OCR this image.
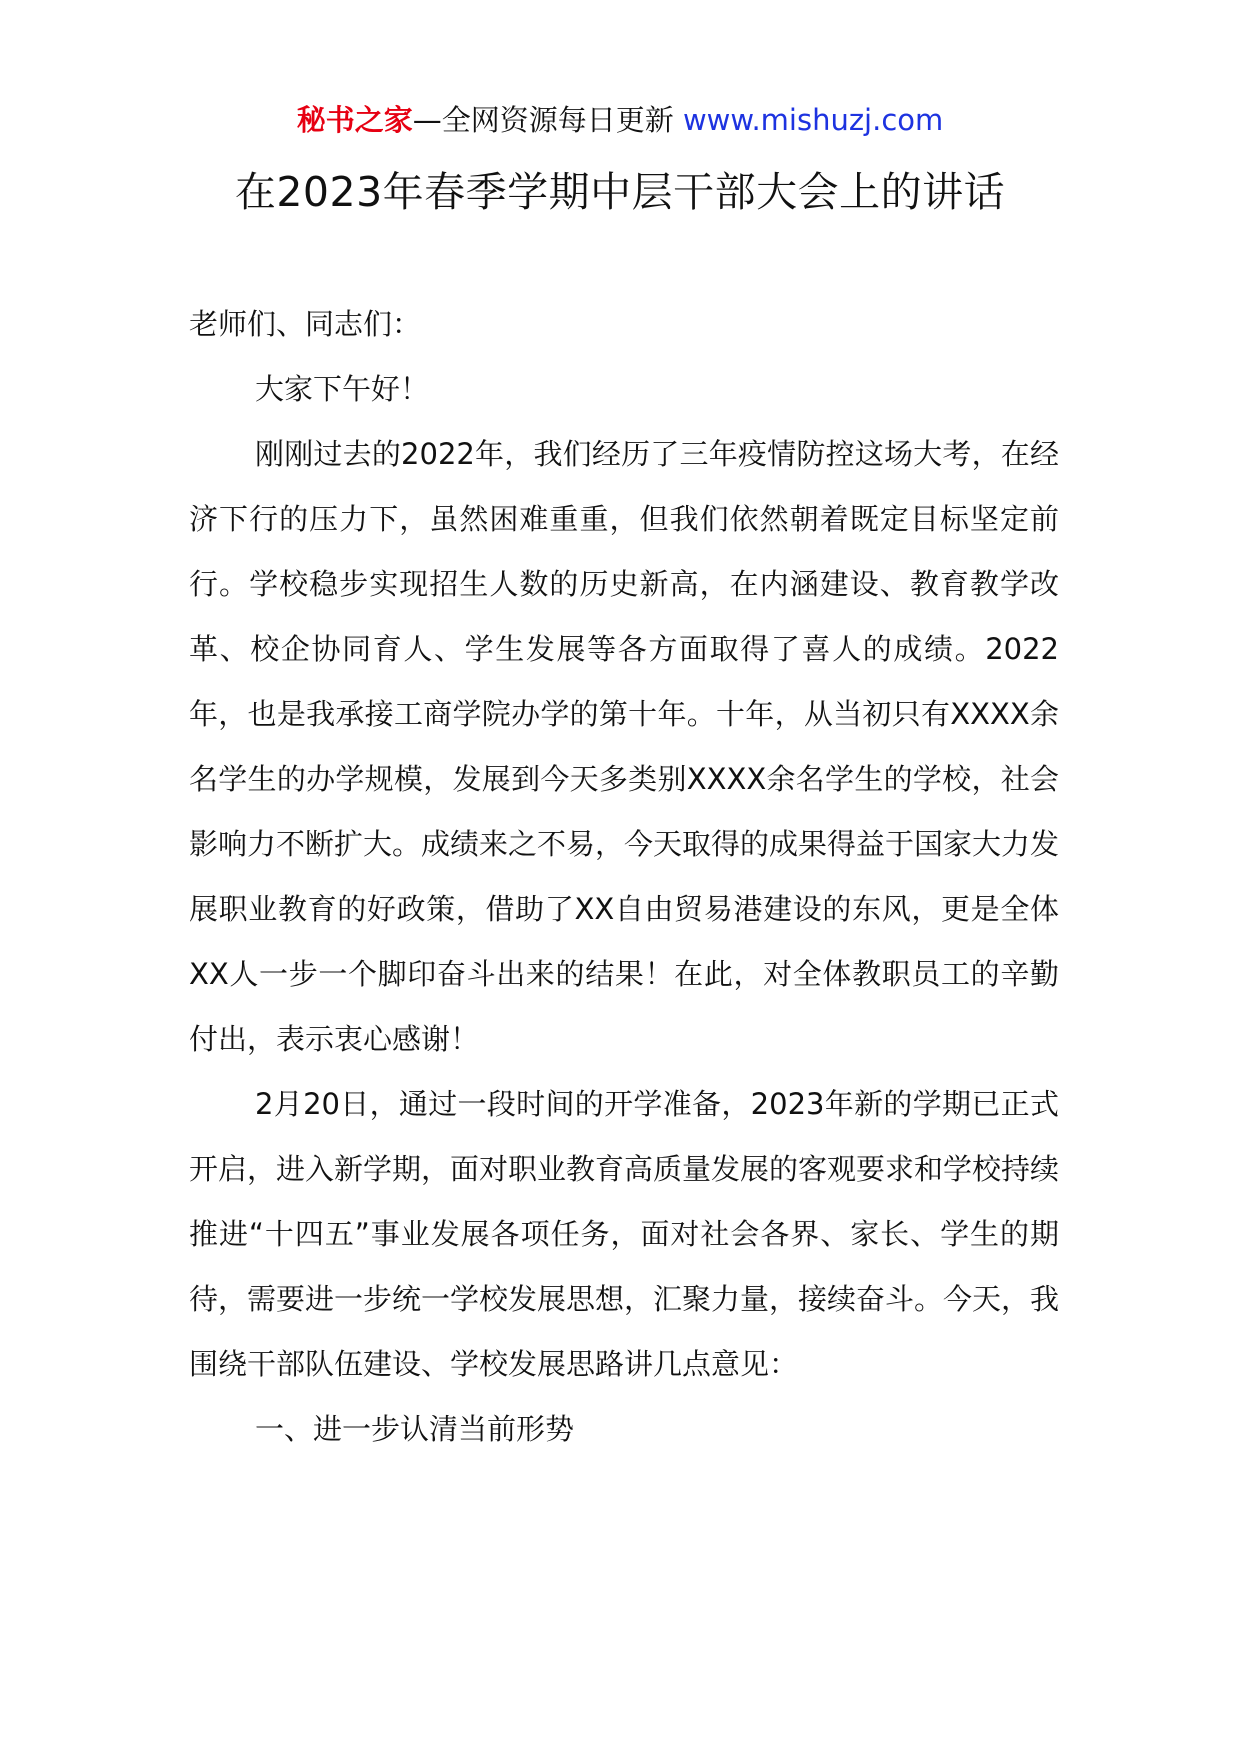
秘书之家—全网资源每日更新 www.mishuzj.com
在2023年春季学期中层干部大会上的讲话

老师们、同志们：

大家下午好！

刚刚过去的2022年，我们经历了三年疫情防控这场大考，在经济下行的压力下，虽然困难重重，但我们依然朝着既定目标坚定前行。学校稳步实现招生人数的历史新高，在内涵建设、教育教学改革、校企协同育人、学生发展等各方面取得了喜人的成绩。2022年，也是我承接工商学院办学的第十年。十年，从当初只有XXXX余名学生的办学规模，发展到今天多类别XXXX余名学生的学校，社会影响力不断扩大。成绩来之不易，今天取得的成果得益于国家大力发展职业教育的好政策，借助了XX自由贸易港建设的东风，更是全体XX人一步一个脚印奋斗出来的结果！在此，对全体教职员工的辛勤付出，表示衷心感谢！

2月20日，通过一段时间的开学准备，2023年新的学期已正式开启，进入新学期，面对职业教育高质量发展的客观要求和学校持续推进“十四五”事业发展各项任务，面对社会各界、家长、学生的期待，需要进一步统一学校发展思想，汇聚力量，接续奋斗。今天，我围绕干部队伍建设、学校发展思路讲几点意见：

一、进一步认清当前形势
